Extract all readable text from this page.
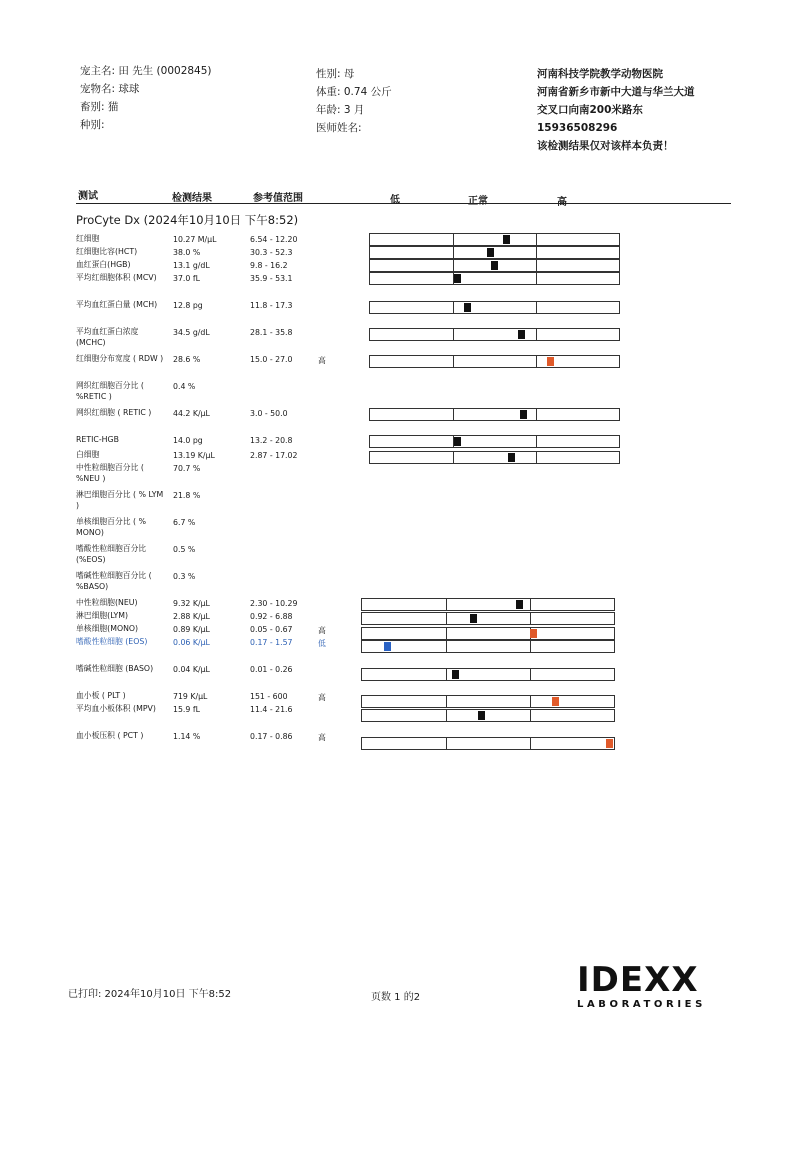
宠主名: 田 先生 (0002845)
宠物名: 球球
畜别: 猫
种别:
性别: 母
体重: 0.74 公斤
年龄: 3 月
医师姓名:
河南科技学院教学动物医院
河南省新乡市新中大道与华兰大道
交叉口向南200米路东
15936508296
该检测结果仅对该样本负责！
测试	检测结果	参考值范围	低	正常	高
ProCyte Dx (2024年10月10日 下午8:52)
红细胞	10.27 M/μL	6.54 - 12.20
红细胞比容(HCT)	38.0 %	30.3 - 52.3
血红蛋白(HGB)	13.1 g/dL	9.8 - 16.2
平均红细胞体积 (MCV)	37.0 fL	35.9 - 53.1
平均血红蛋白量 (MCH)	12.8 pg	11.8 - 17.3
平均血红蛋白浓度 (MCHC)
34.5 g/dL	28.1 - 35.8
红细胞分布宽度 ( RDW )	28.6 %	15.0 - 27.0	高
网织红细胞百分比 ( %RETIC )
0.4 %
网织红细胞 ( RETIC )	44.2 K/μL	3.0 - 50.0
RETIC-HGB	14.0 pg	13.2 - 20.8
白细胞	13.19 K/μL	2.87 - 17.02
中性粒细胞百分比 ( %NEU )
70.7 %
淋巴细胞百分比 ( % LYM )
21.8 %
单核细胞百分比 ( % MONO)
6.7 %
嗜酸性粒细胞百分比 (%EOS)
0.5 %
嗜碱性粒细胞百分比 ( %BASO)
0.3 %
中性粒细胞(NEU)	9.32 K/μL	2.30 - 10.29
淋巴细胞(LYM)	2.88 K/μL	0.92 - 6.88
单核细胞(MONO)	0.89 K/μL	0.05 - 0.67	高
嗜酸性粒细胞 (EOS)	0.06 K/μL	0.17 - 1.57	低
嗜碱性粒细胞 (BASO)	0.04 K/μL	0.01 - 0.26
血小板 ( PLT )	719 K/μL	151 - 600	高
平均血小板体积 (MPV)	15.9 fL	11.4 - 21.6
血小板压积 ( PCT )	1.14 %	0.17 - 0.86	高
已打印: 2024年10月10日 下午8:52	页数 1 的2	IDEXX
LABORATORIES
